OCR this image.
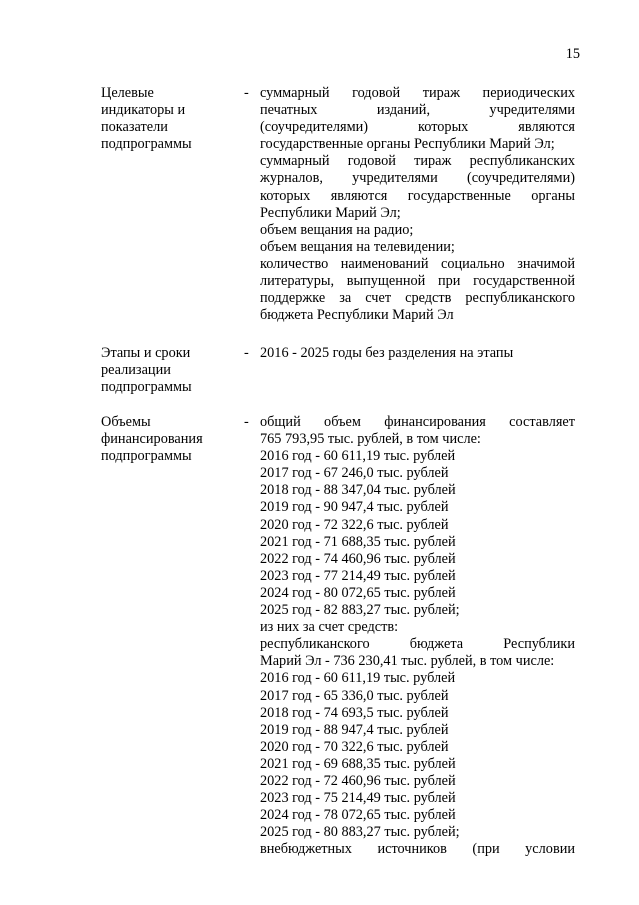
15
Целевые
индикаторы и
показатели
подпрограммы
- суммарный годовой тираж периодических
печатных изданий, учредителями
(соучредителями) которых являются
государственные органы Республики Марий Эл;
суммарный годовой тираж республиканских
журналов, учредителями (соучредителями)
которых являются государственные органы
Республики Марий Эл;
объем вещания на радио;
объем вещания на телевидении;
количество наименований социально значимой
литературы, выпущенной при государственной
поддержке за счет средств республиканского
бюджета Республики Марий Эл
Этапы и сроки
реализации
подпрограммы
- 2016 - 2025 годы без разделения на этапы
Объемы
финансирования
подпрограммы
- общий объем финансирования составляет
765 793,95 тыс. рублей, в том числе:
2016 год - 60 611,19 тыс. рублей
2017 год - 67 246,0 тыс. рублей
2018 год - 88 347,04 тыс. рублей
2019 год - 90 947,4 тыс. рублей
2020 год - 72 322,6 тыс. рублей
2021 год - 71 688,35 тыс. рублей
2022 год - 74 460,96 тыс. рублей
2023 год - 77 214,49 тыс. рублей
2024 год - 80 072,65 тыс. рублей
2025 год - 82 883,27 тыс. рублей;
из них за счет средств:
республиканского бюджета Республики
Марий Эл - 736 230,41 тыс. рублей, в том числе:
2016 год - 60 611,19 тыс. рублей
2017 год - 65 336,0 тыс. рублей
2018 год - 74 693,5 тыс. рублей
2019 год - 88 947,4 тыс. рублей
2020 год - 70 322,6 тыс. рублей
2021 год - 69 688,35 тыс. рублей
2022 год - 72 460,96 тыс. рублей
2023 год - 75 214,49 тыс. рублей
2024 год - 78 072,65 тыс. рублей
2025 год - 80 883,27 тыс. рублей;
внебюджетных источников (при условии
